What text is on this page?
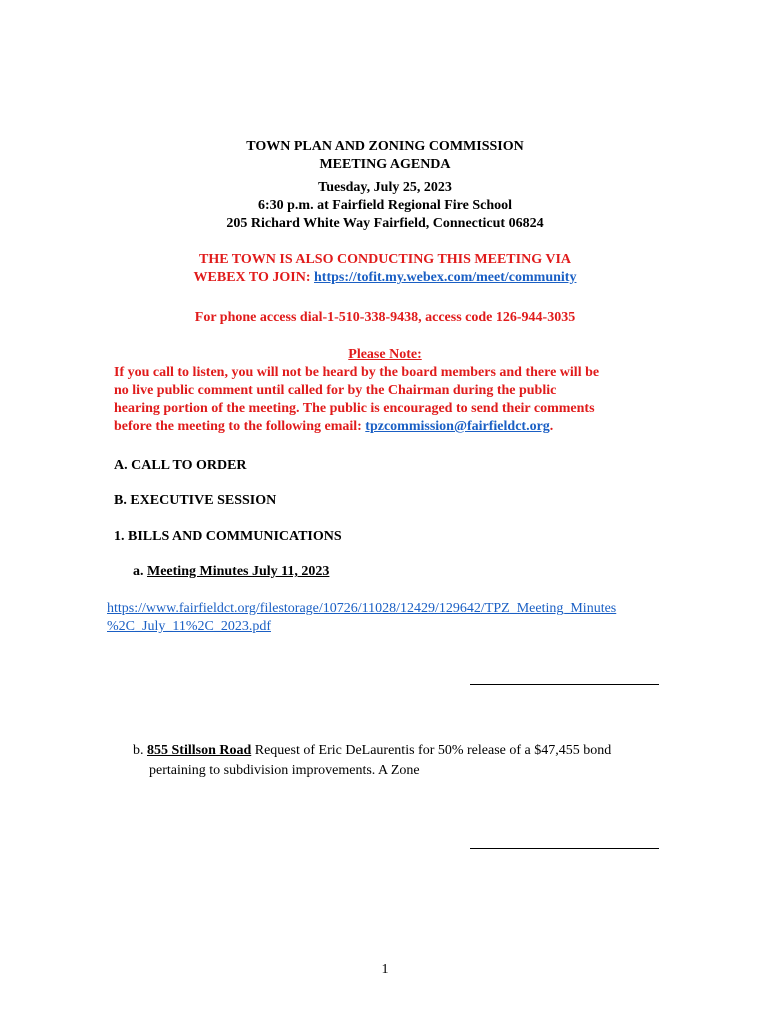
TOWN PLAN AND ZONING COMMISSION
MEETING AGENDA
Tuesday, July 25, 2023
6:30 p.m. at Fairfield Regional Fire School
205 Richard White Way Fairfield, Connecticut 06824
THE TOWN IS ALSO CONDUCTING THIS MEETING VIA
WEBEX TO JOIN: https://tofit.my.webex.com/meet/community
For phone access dial-1-510-338-9438, access code 126-944-3035
Please Note:
If you call to listen, you will not be heard by the board members and there will be
no live public comment until called for by the Chairman during the public
hearing portion of the meeting. The public is encouraged to send their comments
before the meeting to the following email: tpzcommission@fairfieldct.org.
A. CALL TO ORDER
B. EXECUTIVE SESSION
1. BILLS AND COMMUNICATIONS
a. Meeting Minutes July 11, 2023
https://www.fairfieldct.org/filestorage/10726/11028/12429/129642/TPZ_Meeting_Minutes
%2C_July_11%2C_2023.pdf
b. 855 Stillson Road Request of Eric DeLaurentis for 50% release of a $47,455 bond
pertaining to subdivision improvements. A Zone
1
